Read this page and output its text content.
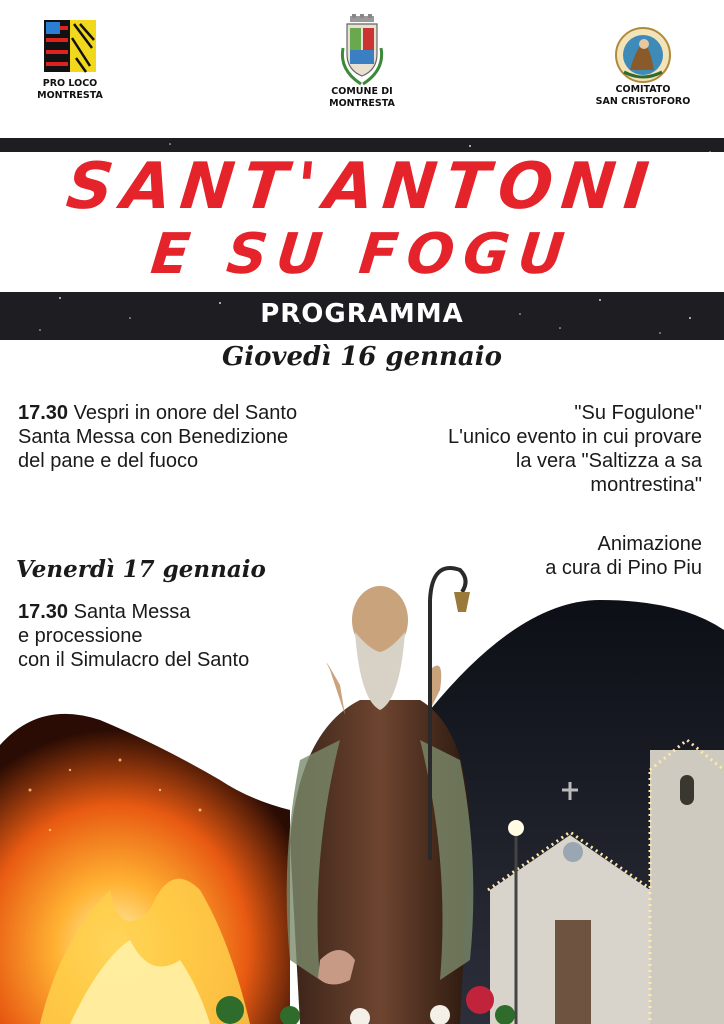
PRO LOCO
MONTRESTA	COMUNE DI
MONTRESTA
COMITATO
SAN CRISTOFORO
SANT'ANTONI
E SU FOGU
PROGRAMMA
Giovedì 16 gennaio
17.30 Vespri in onore del Santo
Santa Messa con Benedizione
del pane e del fuoco
"Su Fogulone"
L'unico evento in cui provare
la vera "Saltizza a sa
montrestina"
Animazione
a cura di Pino Piu
Venerdì 17 gennaio
17.30 Santa Messa
e processione
con il Simulacro del Santo
